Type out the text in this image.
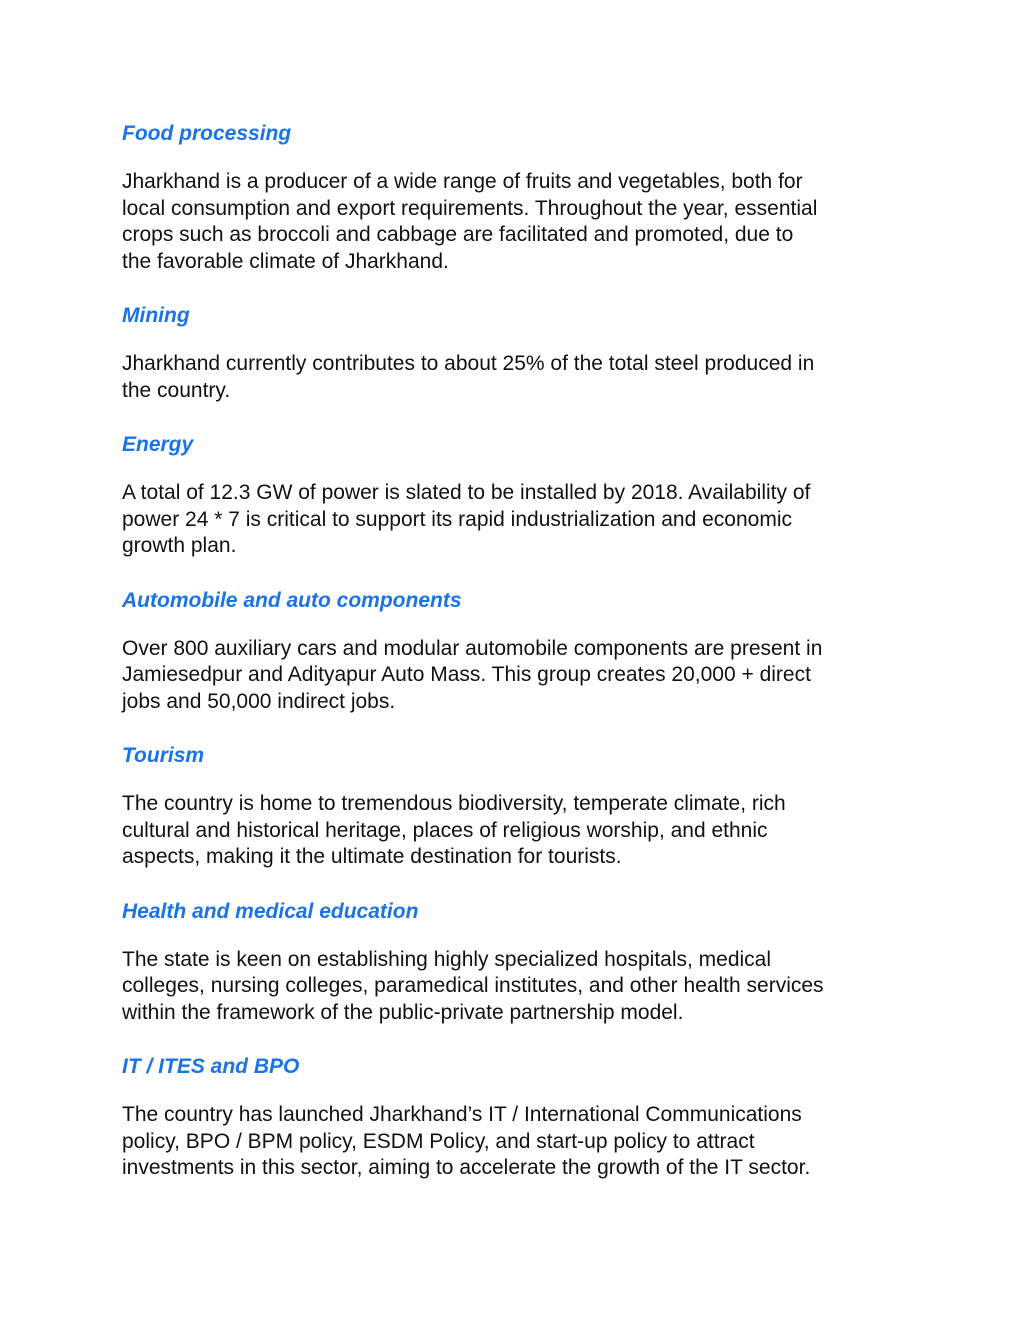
Food processing
Jharkhand is a producer of a wide range of fruits and vegetables, both for
local consumption and export requirements. Throughout the year, essential
crops such as broccoli and cabbage are facilitated and promoted, due to
the favorable climate of Jharkhand.
Mining
Jharkhand currently contributes to about 25% of the total steel produced in
the country.
Energy
A total of 12.3 GW of power is slated to be installed by 2018. Availability of
power 24 * 7 is critical to support its rapid industrialization and economic
growth plan.
Automobile and auto components
Over 800 auxiliary cars and modular automobile components are present in
Jamiesedpur and Adityapur Auto Mass. This group creates 20,000 + direct
jobs and 50,000 indirect jobs.
Tourism
The country is home to tremendous biodiversity, temperate climate, rich
cultural and historical heritage, places of religious worship, and ethnic
aspects, making it the ultimate destination for tourists.
Health and medical education
The state is keen on establishing highly specialized hospitals, medical
colleges, nursing colleges, paramedical institutes, and other health services
within the framework of the public-private partnership model.
IT / ITES and BPO
The country has launched Jharkhand’s IT / International Communications
policy, BPO / BPM policy, ESDM Policy, and start-up policy to attract
investments in this sector, aiming to accelerate the growth of the IT sector.
